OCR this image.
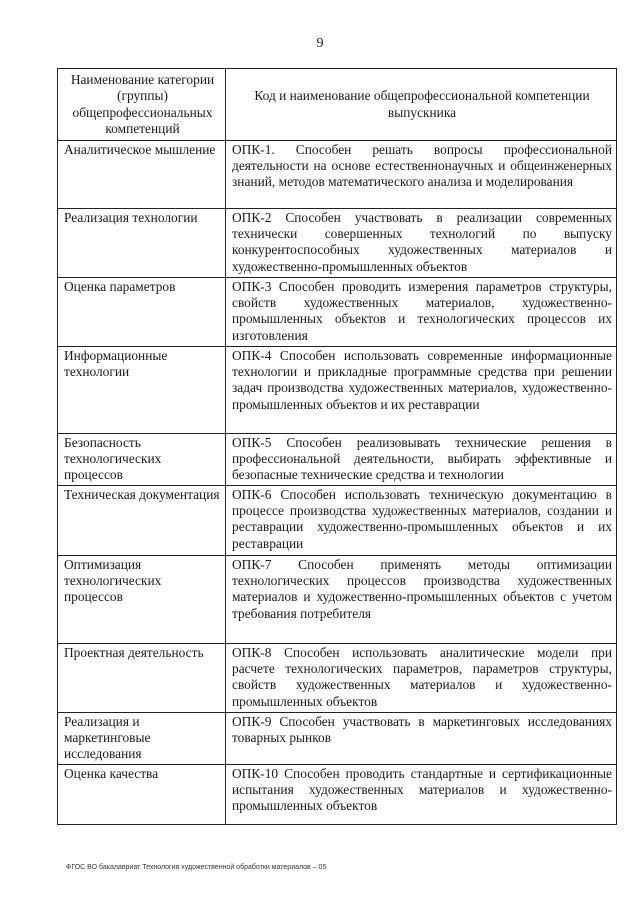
9
Наименование категории (группы) общепрофессиональных компетенций	Код и наименование общепрофессиональной компетенции выпускника
Аналитическое мышление	ОПК-1. Способен решать вопросы профессиональной деятельности на основе естественнонаучных и общеинженерных знаний, методов математического анализа и моделирования
Реализация технологии	ОПК-2 Способен участвовать в реализации современных технически совершенных технологий по выпуску конкурентоспособных художественных материалов и художественно-промышленных объектов
Оценка параметров	ОПК-3 Способен проводить измерения параметров структуры, свойств художественных материалов, художественно-промышленных объектов и технологических процессов их изготовления
Информационные технологии	ОПК-4 Способен использовать современные информационные технологии и прикладные программные средства при решении задач производства художественных материалов, художественно-промышленных объектов и их реставрации
Безопасность технологических процессов	ОПК-5 Способен реализовывать технические решения в профессиональной деятельности, выбирать эффективные и безопасные технические средства и технологии
Техническая документация	ОПК-6 Способен использовать техническую документацию в процессе производства художественных материалов, создании и реставрации художественно-промышленных объектов и их реставрации
Оптимизация технологических процессов	ОПК-7 Способен применять методы оптимизации технологических процессов производства художественных материалов и художественно-промышленных объектов с учетом требования потребителя
Проектная деятельность	ОПК-8 Способен использовать аналитические модели при расчете технологических параметров, параметров структуры, свойств художественных материалов и художественно-промышленных объектов
Реализация и маркетинговые исследования	ОПК-9 Способен участвовать в маркетинговых исследованиях товарных рынков
Оценка качества	ОПК-10 Способен проводить стандартные и сертификационные испытания художественных материалов и художественно-промышленных объектов
ФГОС ВО бакалавриат Технология художественной обработки материалов – 05
